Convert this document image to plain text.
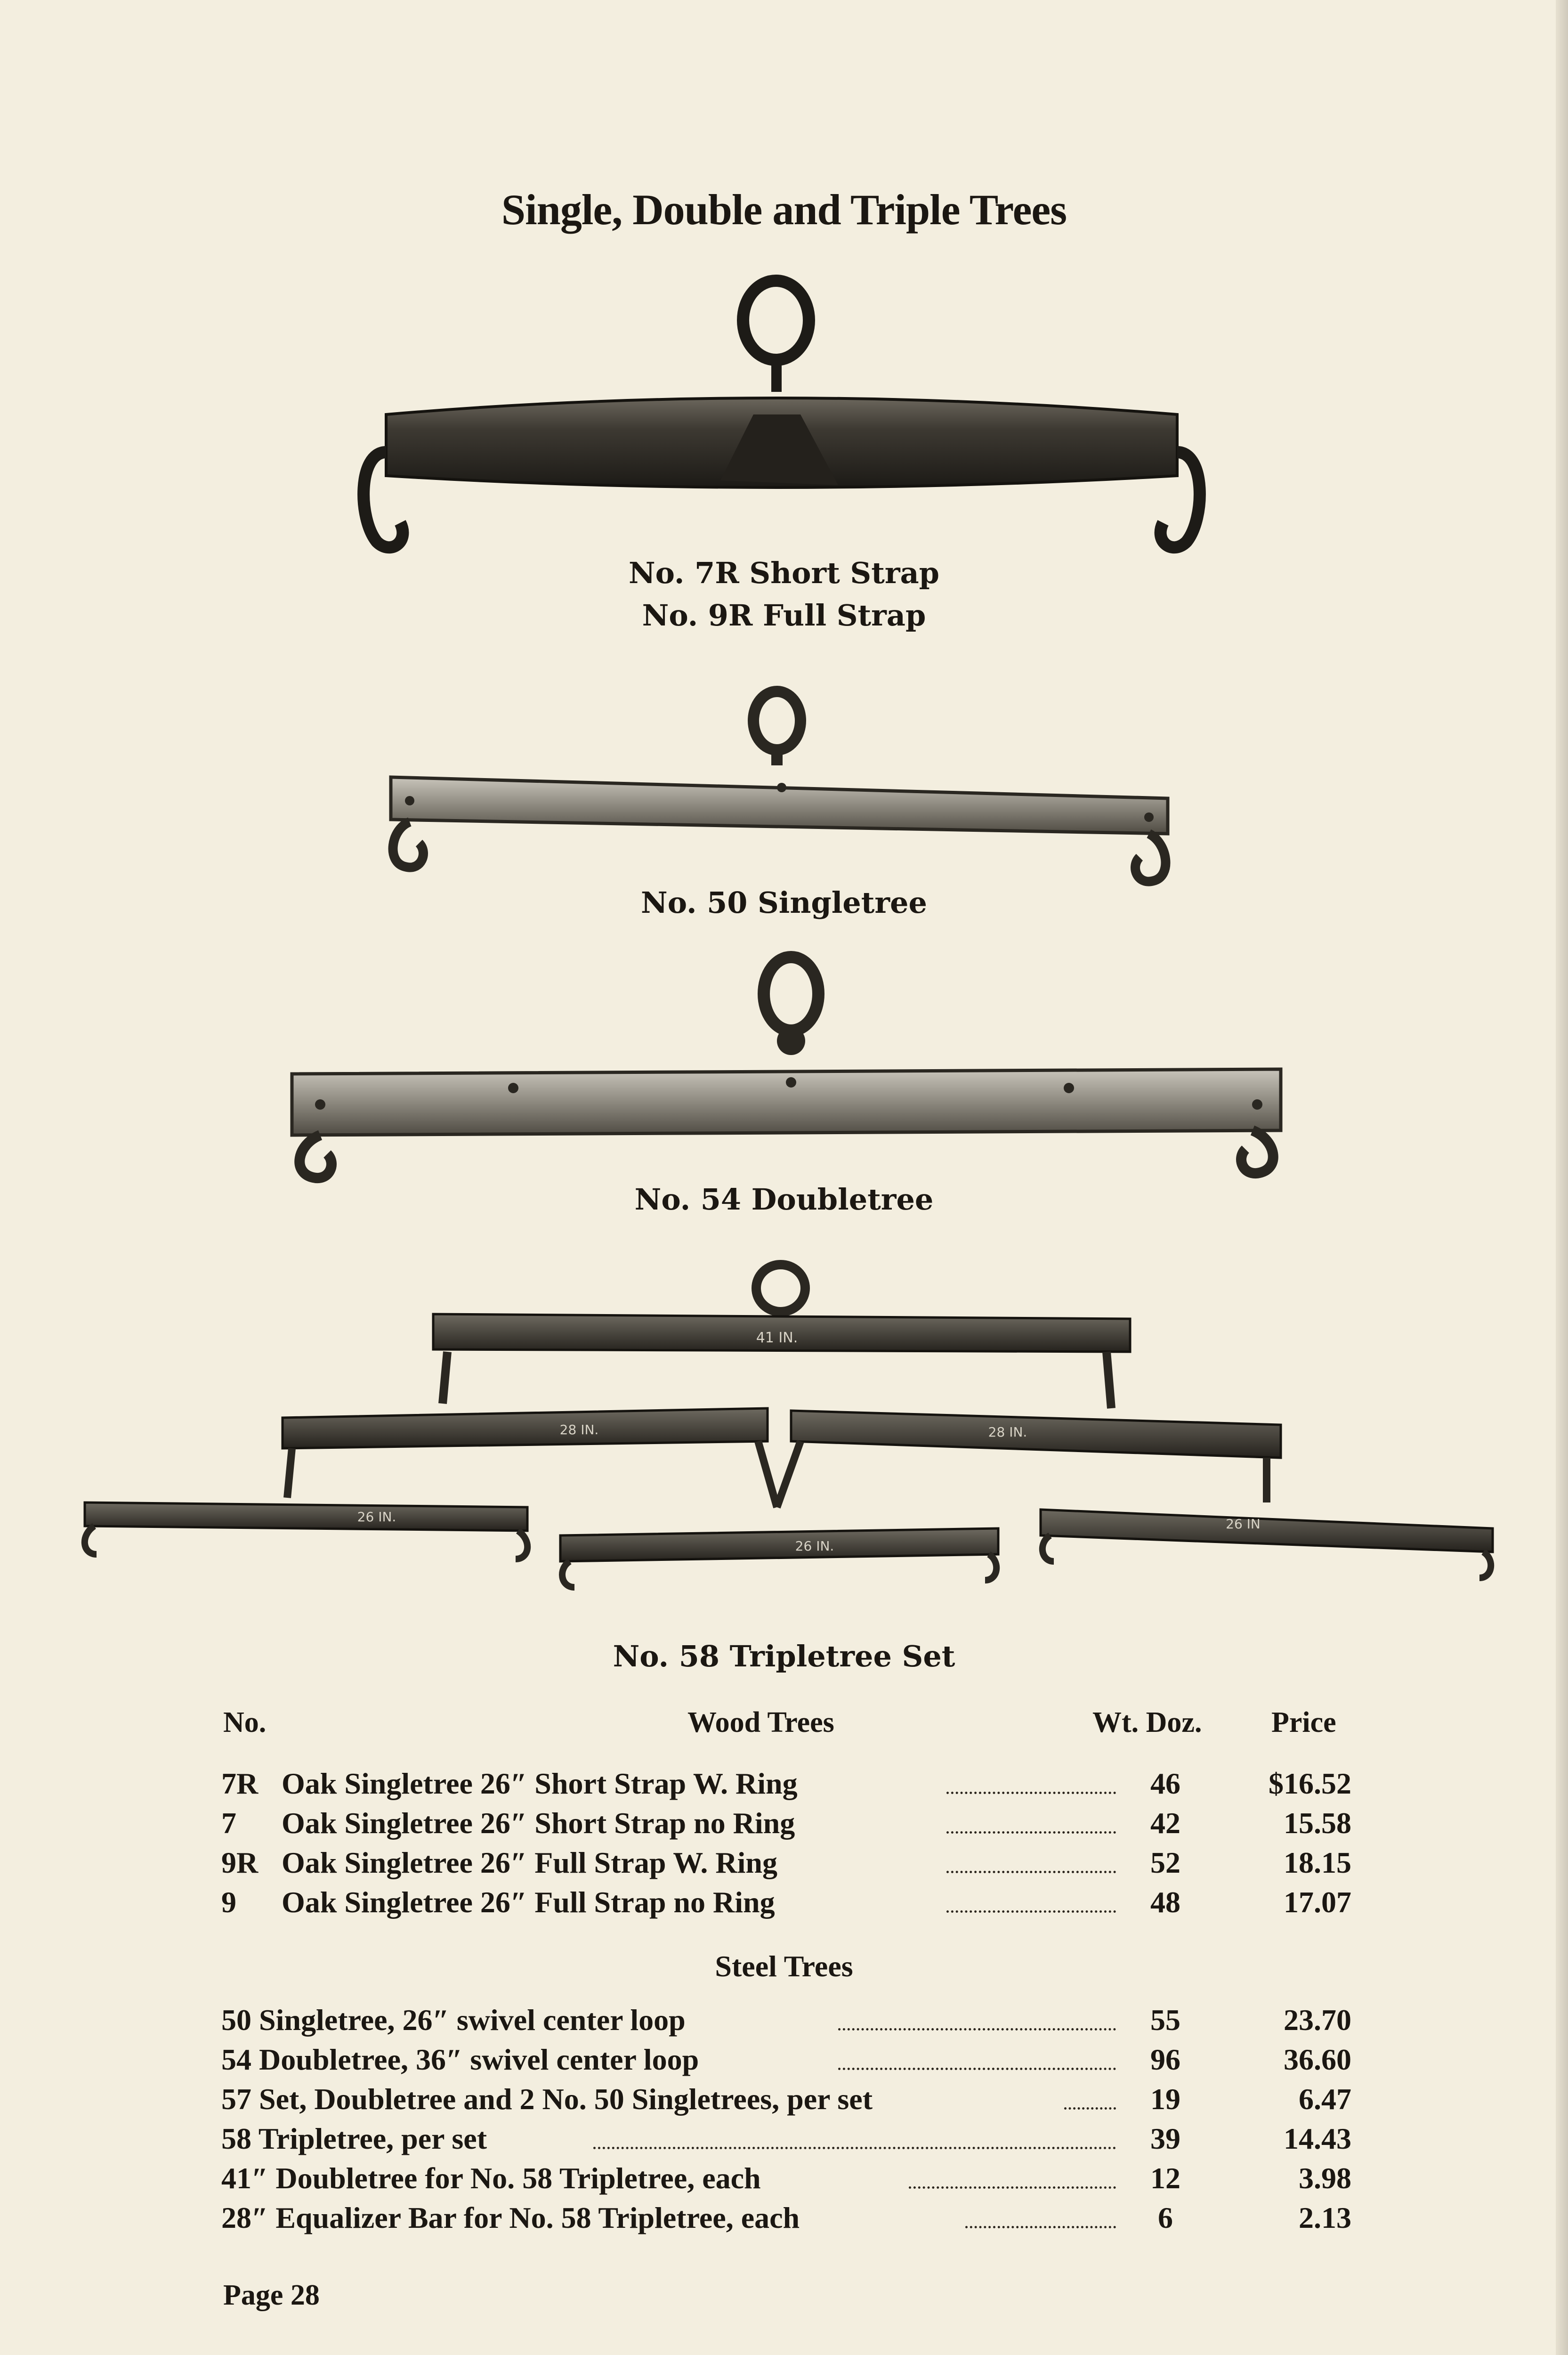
Single, Double and Triple Trees
41 IN.
28 IN.	28 IN.
26 IN.
26 IN.
26 IN
No. 7R Short Strap
No. 9R Full Strap
No. 50 Singletree
No. 54 Doubletree
No. 58 Tripletree Set
No.	Wood Trees	Wt. Doz. Price
7R Oak Singletree 26″ Short Strap W. Ring	46	$16.52
7 Oak Singletree 26″ Short Strap no Ring	42	15.58
9R Oak Singletree 26″ Full Strap W. Ring	52	18.15
9 Oak Singletree 26″ Full Strap no Ring	48	17.07
Steel Trees
50 Singletree, 26″ swivel center loop	55	23.70
54 Doubletree, 36″ swivel center loop	96	36.60
57 Set, Doubletree and 2 No. 50 Singletrees, per set	19	6.47
58 Tripletree, per set	39	14.43
41″ Doubletree for No. 58 Tripletree, each	12	3.98
28″ Equalizer Bar for No. 58 Tripletree, each	6	2.13
Page 28
